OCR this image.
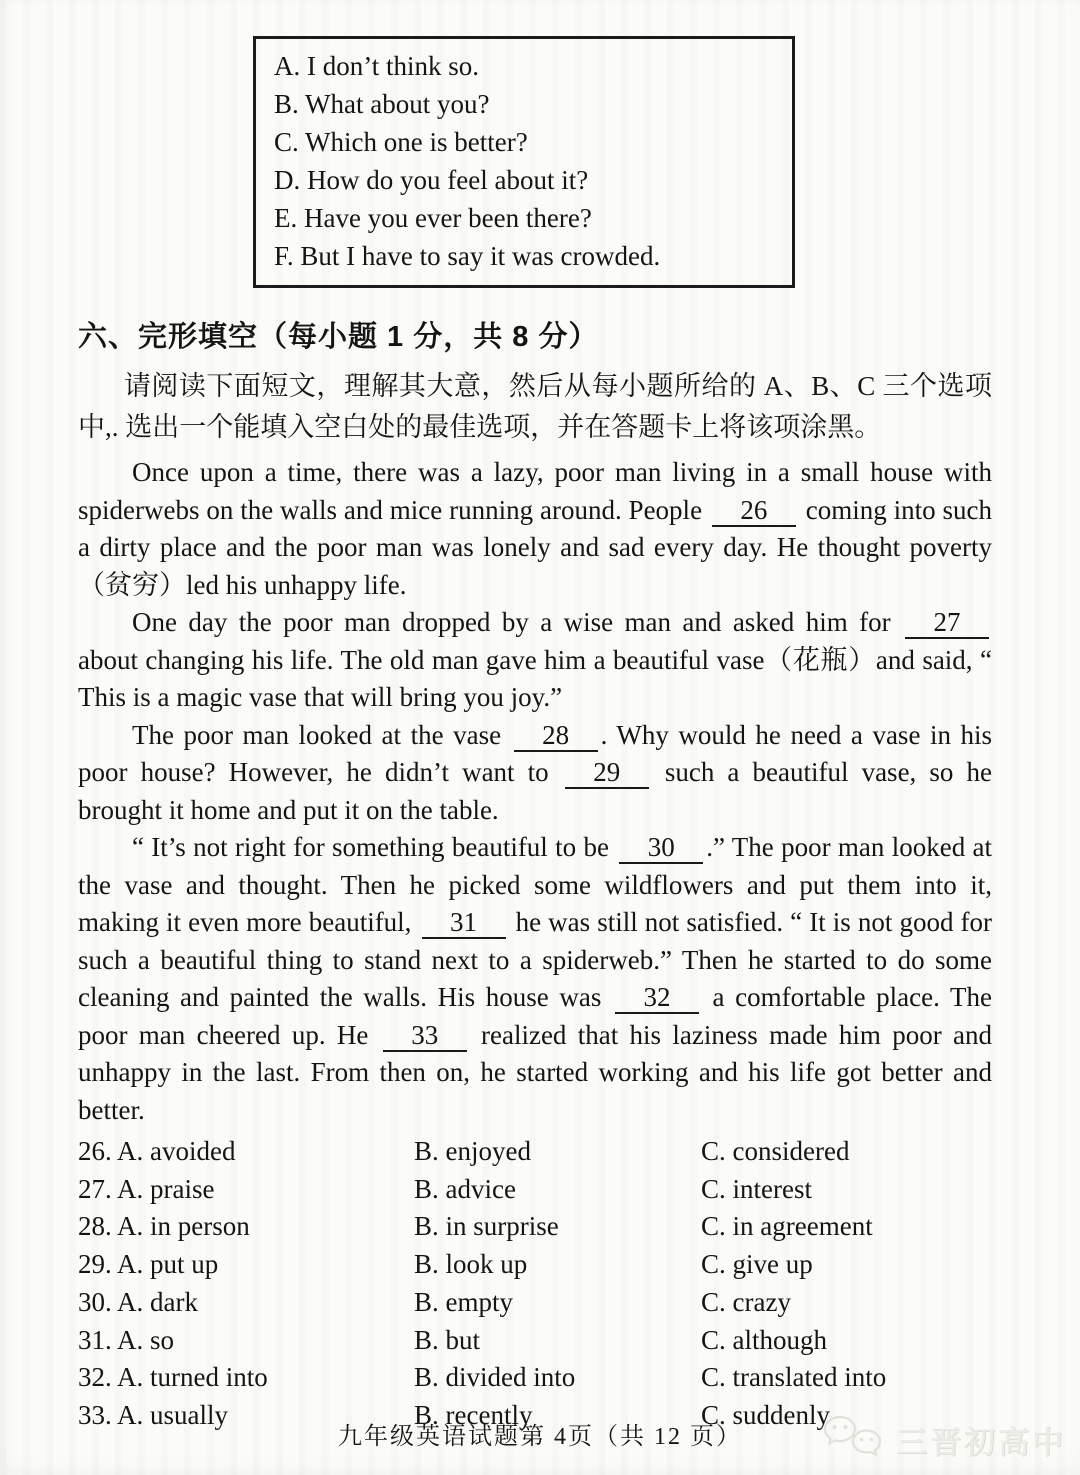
A. I don’t think so.
B. What about you?
C. Which one is better?
D. How do you feel about it?
E. Have you ever been there?
F. But I have to say it was crowded.
六、完形填空（每小题 1 分，共 8 分）

请阅读下面短文，理解其大意，然后从每小题所给的 A、B、C 三个选项中,. 选出一个能填入空白处的最佳选项，并在答题卡上将该项涂黑。

Once upon a time, there was a lazy, poor man living in a small house with spiderwebs on the walls and mice running around. People 26 coming into such a dirty place and the poor man was lonely and sad every day. He thought poverty（贫穷）led his unhappy life.

One day the poor man dropped by a wise man and asked him for 27 about changing his life. The old man gave him a beautiful vase（花瓶）and said, “ This is a magic vase that will bring you joy.”

The poor man looked at the vase 28 . Why would he need a vase in his poor house? However, he didn’t want to 29 such a beautiful vase, so he brought it home and put it on the table.

“ It’s not right for something beautiful to be 30 .” The poor man looked at the vase and thought. Then he picked some wildflowers and put them into it, making it even more beautiful, 31 he was still not satisfied. “ It is not good for such a beautiful thing to stand next to a spiderweb.” Then he started to do some cleaning and painted the walls. His house was 32 a comfortable place. The poor man cheered up. He 33 realized that his laziness made him poor and unhappy in the last. From then on, he started working and his life got better and better.

26. A. avoided	B. enjoyed	C. considered
27. A. praise	B. advice	C. interest
28. A. in person	B. in surprise	C. in agreement
29. A. put up	B. look up	C. give up
30. A. dark	B. empty	C. crazy
31. A. so	B. but	C. although
32. A. turned into	B. divided into	C. translated into
33. A. usually	B. recently	C. suddenly
九年级英语试题第 4页（共 12 页）	三晋初高中
